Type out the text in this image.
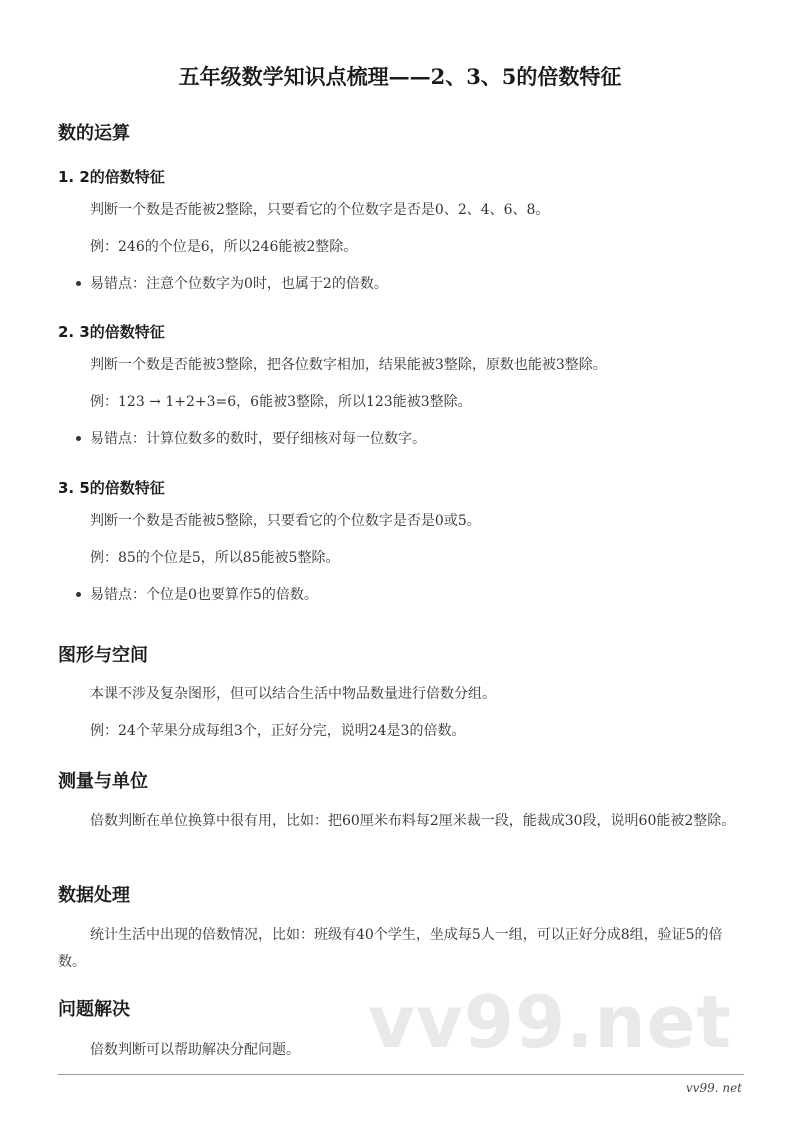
五年级数学知识点梳理——2、3、5的倍数特征
数的运算
1. 2的倍数特征
判断一个数是否能被2整除，只要看它的个位数字是否是0、2、4、6、8。
例：246的个位是6，所以246能被2整除。
易错点：注意个位数字为0时，也属于2的倍数。
2. 3的倍数特征
判断一个数是否能被3整除，把各位数字相加，结果能被3整除，原数也能被3整除。
例：123 → 1+2+3=6，6能被3整除，所以123能被3整除。
易错点：计算位数多的数时，要仔细核对每一位数字。
3. 5的倍数特征
判断一个数是否能被5整除，只要看它的个位数字是否是0或5。
例：85的个位是5，所以85能被5整除。
易错点：个位是0也要算作5的倍数。
图形与空间
本课不涉及复杂图形，但可以结合生活中物品数量进行倍数分组。
例：24个苹果分成每组3个，正好分完，说明24是3的倍数。
测量与单位
倍数判断在单位换算中很有用，比如：把60厘米布料每2厘米裁一段，能裁成30段，说明60能被2整除。
数据处理
统计生活中出现的倍数情况，比如：班级有40个学生，坐成每5人一组，可以正好分成8组，验证5的倍数。
问题解决
倍数判断可以帮助解决分配问题。 vv99.net
vv99. net
